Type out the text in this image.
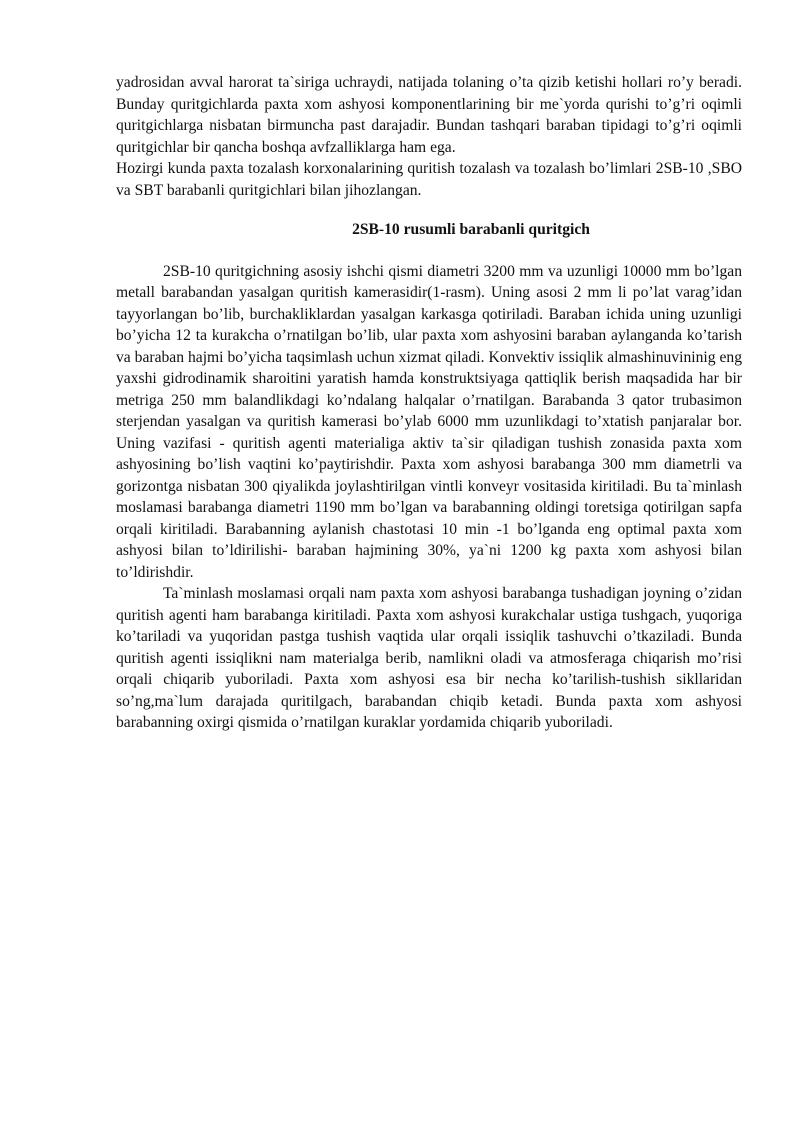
yadrosidan avval harorat ta`siriga uchraydi, natijada tolaning o’ta qizib ketishi hollari ro’y beradi. Bunday quritgichlarda paxta xom ashyosi komponentlarining bir me`yorda qurishi to’g’ri oqimli quritgichlarga nisbatan birmuncha past darajadir. Bundan tashqari baraban tipidagi to’g’ri oqimli quritgichlar bir qancha boshqa avfzalliklarga ham ega.

Hozirgi kunda paxta tozalash korxonalarining quritish tozalash va tozalash bo’limlari 2SB-10 ,SBO va SBT barabanli quritgichlari bilan jihozlangan.

2SB-10 rusumli barabanli quritgich

2SB-10 quritgichning asosiy ishchi qismi diametri 3200 mm va uzunligi 10000 mm bo’lgan metall barabandan yasalgan quritish kamerasidir(1-rasm). Uning asosi 2 mm li po’lat varag’idan tayyorlangan bo’lib, burchakliklardan yasalgan karkasga qotiriladi. Baraban ichida uning uzunligi bo’yicha 12 ta kurakcha o’rnatilgan bo’lib, ular paxta xom ashyosini baraban aylanganda ko’tarish va baraban hajmi bo’yicha taqsimlash uchun xizmat qiladi. Konvektiv issiqlik almashinuvininig eng yaxshi gidrodinamik sharoitini yaratish hamda konstruktsiyaga qattiqlik berish maqsadida har bir metriga 250 mm balandlikdagi ko’ndalang halqalar o’rnatilgan. Barabanda 3 qator trubasimon sterjendan yasalgan va quritish kamerasi bo’ylab 6000 mm uzunlikdagi to’xtatish panjaralar bor. Uning vazifasi - quritish agenti materialiga aktiv ta`sir qiladigan tushish zonasida paxta xom ashyosining bo’lish vaqtini ko’paytirishdir. Paxta xom ashyosi barabanga 300 mm diametrli va gorizontga nisbatan 300 qiyalikda joylashtirilgan vintli konveyr vositasida kiritiladi. Bu ta`minlash moslamasi barabanga diametri 1190 mm bo’lgan va barabanning oldingi toretsiga qotirilgan sapfa orqali kiritiladi. Barabanning aylanish chastotasi 10 min -1 bo’lganda eng optimal paxta xom ashyosi bilan to’ldirilishi- baraban hajmining 30%, ya`ni 1200 kg paxta xom ashyosi bilan to’ldirishdir.

Ta`minlash moslamasi orqali nam paxta xom ashyosi barabanga tushadigan joyning o’zidan quritish agenti ham barabanga kiritiladi. Paxta xom ashyosi kurakchalar ustiga tushgach, yuqoriga ko’tariladi va yuqoridan pastga tushish vaqtida ular orqali issiqlik tashuvchi o’tkaziladi. Bunda quritish agenti issiqlikni nam materialga berib, namlikni oladi va atmosferaga chiqarish mo’risi orqali chiqarib yuboriladi. Paxta xom ashyosi esa bir necha ko’tarilish-tushish sikllaridan so’ng,ma`lum darajada quritilgach, barabandan chiqib ketadi. Bunda paxta xom ashyosi barabanning oxirgi qismida o’rnatilgan kuraklar yordamida chiqarib yuboriladi.
